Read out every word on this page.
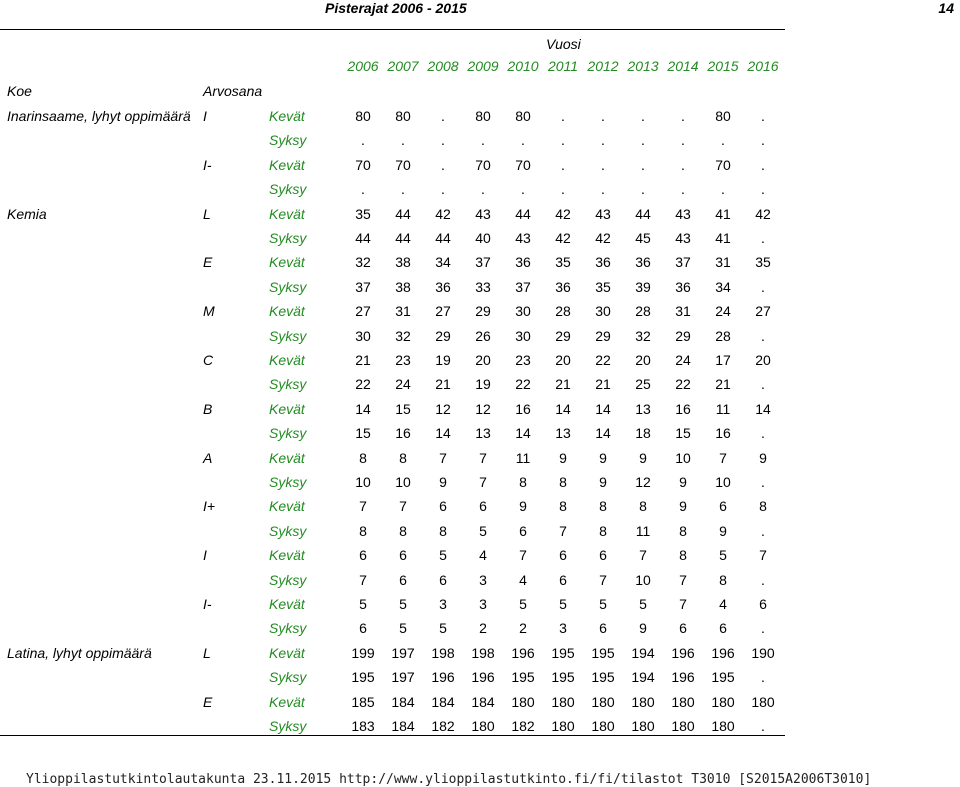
Pisterajat 2006 - 2015	14
Vuosi
2006 2007 2008 2009 2010 2011 2012 2013 2014 2015 2016
Koe	Arvosana
Inarinsaame, lyhyt oppimäärä I	Kevät	80	80	.	80	80	.	.	.	.	80	.
Syksy	.	.	.	.	.	.	.	.	.	.	.
I-	Kevät	70	70	.	70	70	.	.	.	.	70	.
Syksy	.	.	.	.	.	.	.	.	.	.	.
Kemia	L	Kevät	35	44	42	43	44	42	43	44	43	41	42
Syksy	44	44	44	40	43	42	42	45	43	41	.
E	Kevät	32	38	34	37	36	35	36	36	37	31	35
Syksy	37	38	36	33	37	36	35	39	36	34	.
M	Kevät	27	31	27	29	30	28	30	28	31	24	27
Syksy	30	32	29	26	30	29	29	32	29	28	.
C	Kevät	21	23	19	20	23	20	22	20	24	17	20
Syksy	22	24	21	19	22	21	21	25	22	21	.
B	Kevät	14	15	12	12	16	14	14	13	16	11	14
Syksy	15	16	14	13	14	13	14	18	15	16	.
A	Kevät	8	8	7	7	11	9	9	9	10	7	9
Syksy	10	10	9	7	8	8	9	12	9	10	.
I+	Kevät	7	7	6	6	9	8	8	8	9	6	8
Syksy	8	8	8	5	6	7	8	11	8	9	.
I	Kevät	6	6	5	4	7	6	6	7	8	5	7
Syksy	7	6	6	3	4	6	7	10	7	8	.
I-	Kevät	5	5	3	3	5	5	5	5	7	4	6
Syksy	6	5	5	2	2	3	6	9	6	6	.
Latina, lyhyt oppimäärä	L	Kevät	199	197	198	198	196	195	195	194	196	196	190
Syksy	195	197	196	196	195	195	195	194	196	195	.
E	Kevät	185	184	184	184	180	180	180	180	180	180	180
Syksy	183	184	182	180	182	180	180	180	180	180	.
Ylioppilastutkintolautakunta 23.11.2015 http://www.ylioppilastutkinto.fi/fi/tilastot T3010 [S2015A2006T3010]
